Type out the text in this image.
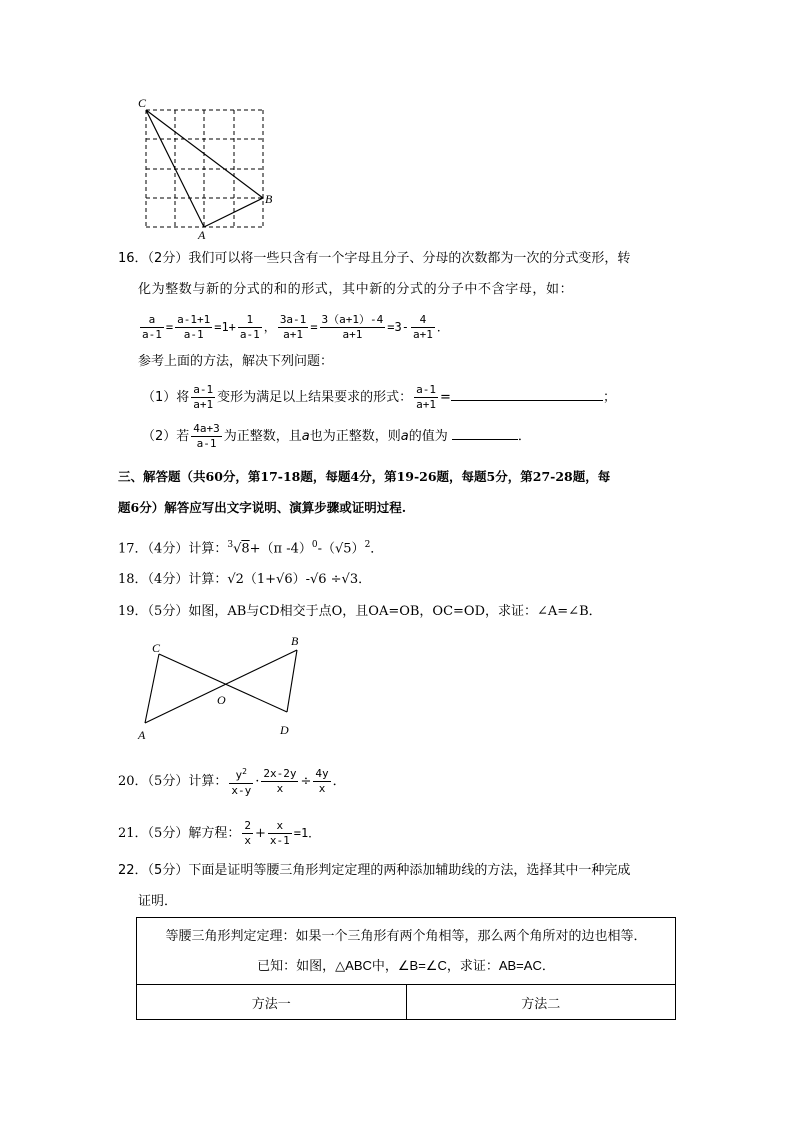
C
B
A
16．（2分）我们可以将一些只含有一个字母且分子、分母的次数都为一次的分式变形，转
化为整数与新的分式的和的形式，其中新的分式的分子中不含字母，如：
$\frac{a}{a-1} = \frac{a-1+1}{a-1} =1+ \frac{1}{a-1}$ ， $\frac{3a-1}{a+1} = \frac{3(a+1)-4}{a+1} =3- \frac{4}{a+1}$ ．
参考上面的方法，解决下列问题：
（1）将 $\frac{a-1}{a+1}$ 变形为满足以上结果要求的形式： $\frac{a-1}{a+1}$ =	；
（2）若 $\frac{4a+3}{a-1}$ 为正整数，且a也为正整数，则a的值为	．
三、解答题（共60分，第17-18题，每题4分，第19-26题，每题5分，第27-28题，每
题6分）解答应写出文字说明、演算步骤或证明过程.
17．（4分）计算：$^3$√8+（π $-4)^0-(√5)^2$．
18．（4分）计算：√2（1+√6）-√6 ÷√3．
19．（5分）如图，AB与CD相交于点O，且OA=OB，OC=OD，求证：∠A=∠B．
C	B
O
A	D
20．（5分）计算： $\frac{y^2}{x-y} \cdot \frac{2x-2y}{x} \div \frac{4y}{x}$ ．
21．（5分）解方程： $\frac{2}{x} + \frac{x}{x-1} =1$．
22．（5分）下面是证明等腰三角形判定定理的两种添加辅助线的方法，选择其中一种完成
证明．
等腰三角形判定定理：如果一个三角形有两个角相等，那么两个角所对的边也相等．
已知：如图，△ABC中，∠B=∠C，求证：AB=AC．

方法一	方法二
